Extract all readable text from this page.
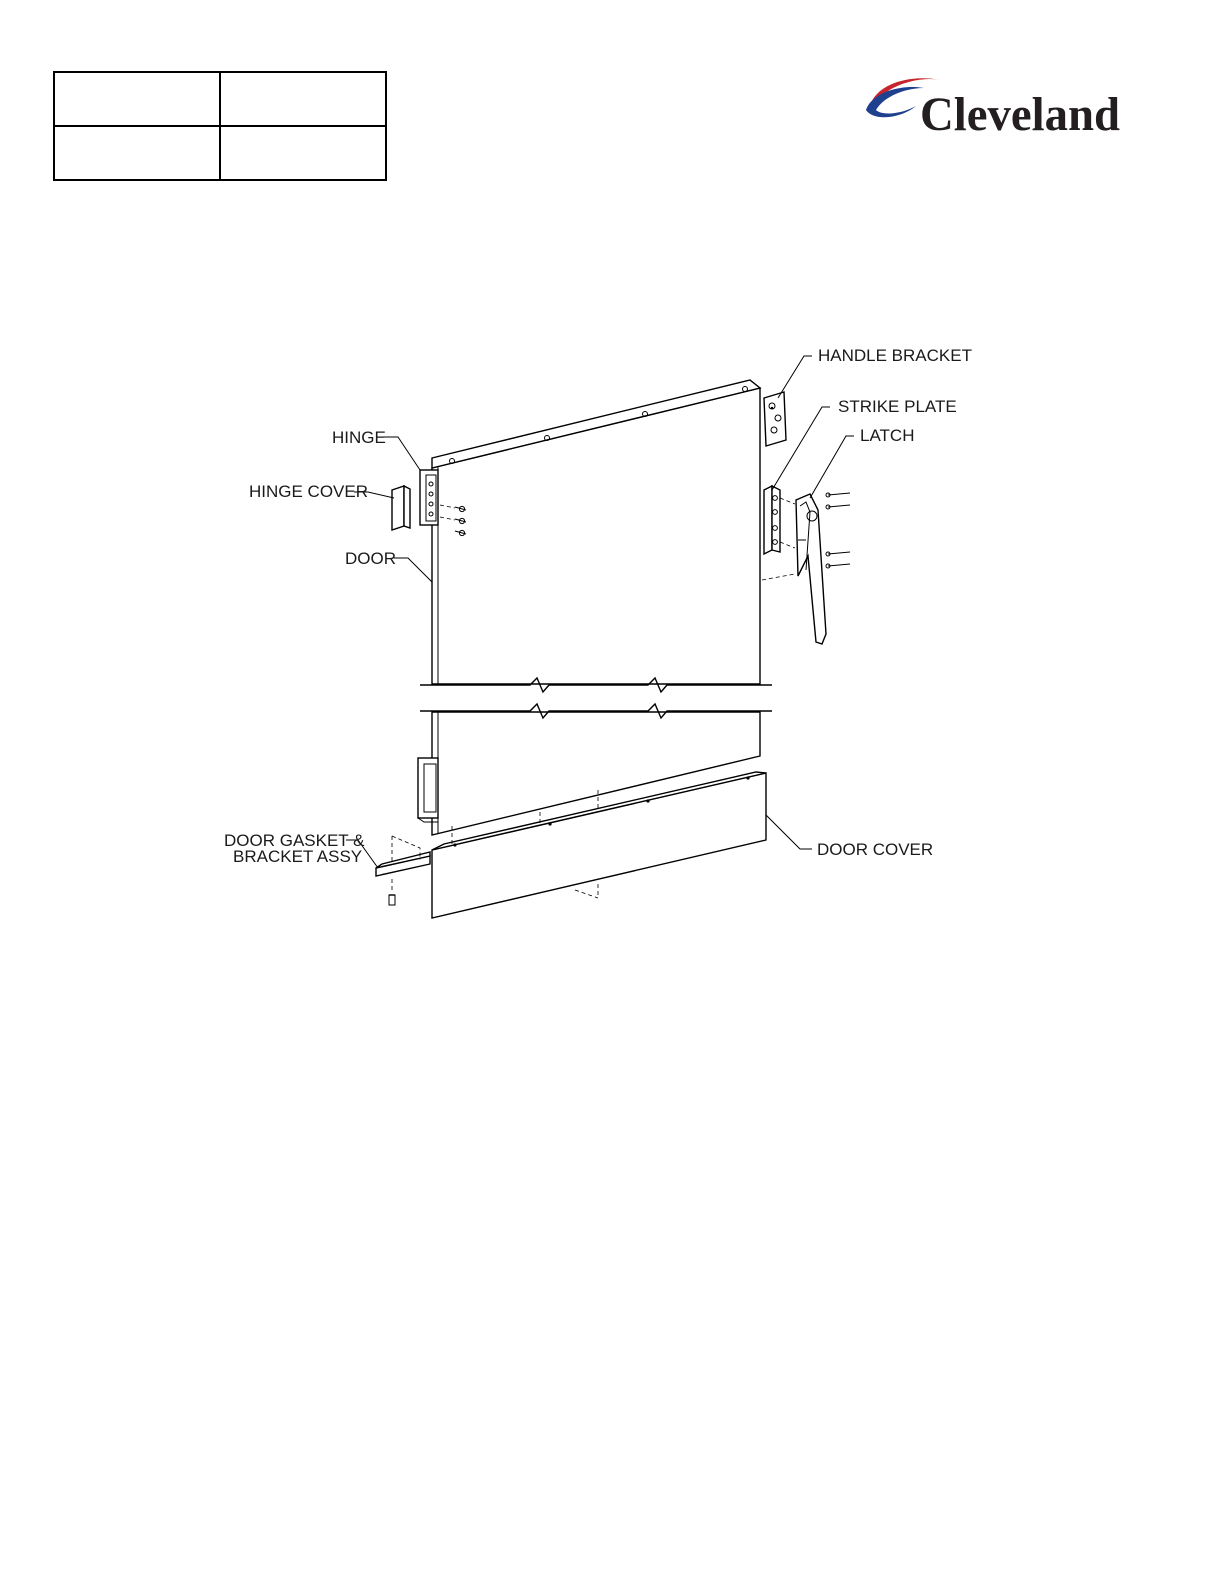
Cleveland
HANDLE BRACKET
STRIKE PLATE
LATCH
HINGE
HINGE COVER
DOOR
DOOR GASKET &
BRACKET ASSY	DOOR COVER
